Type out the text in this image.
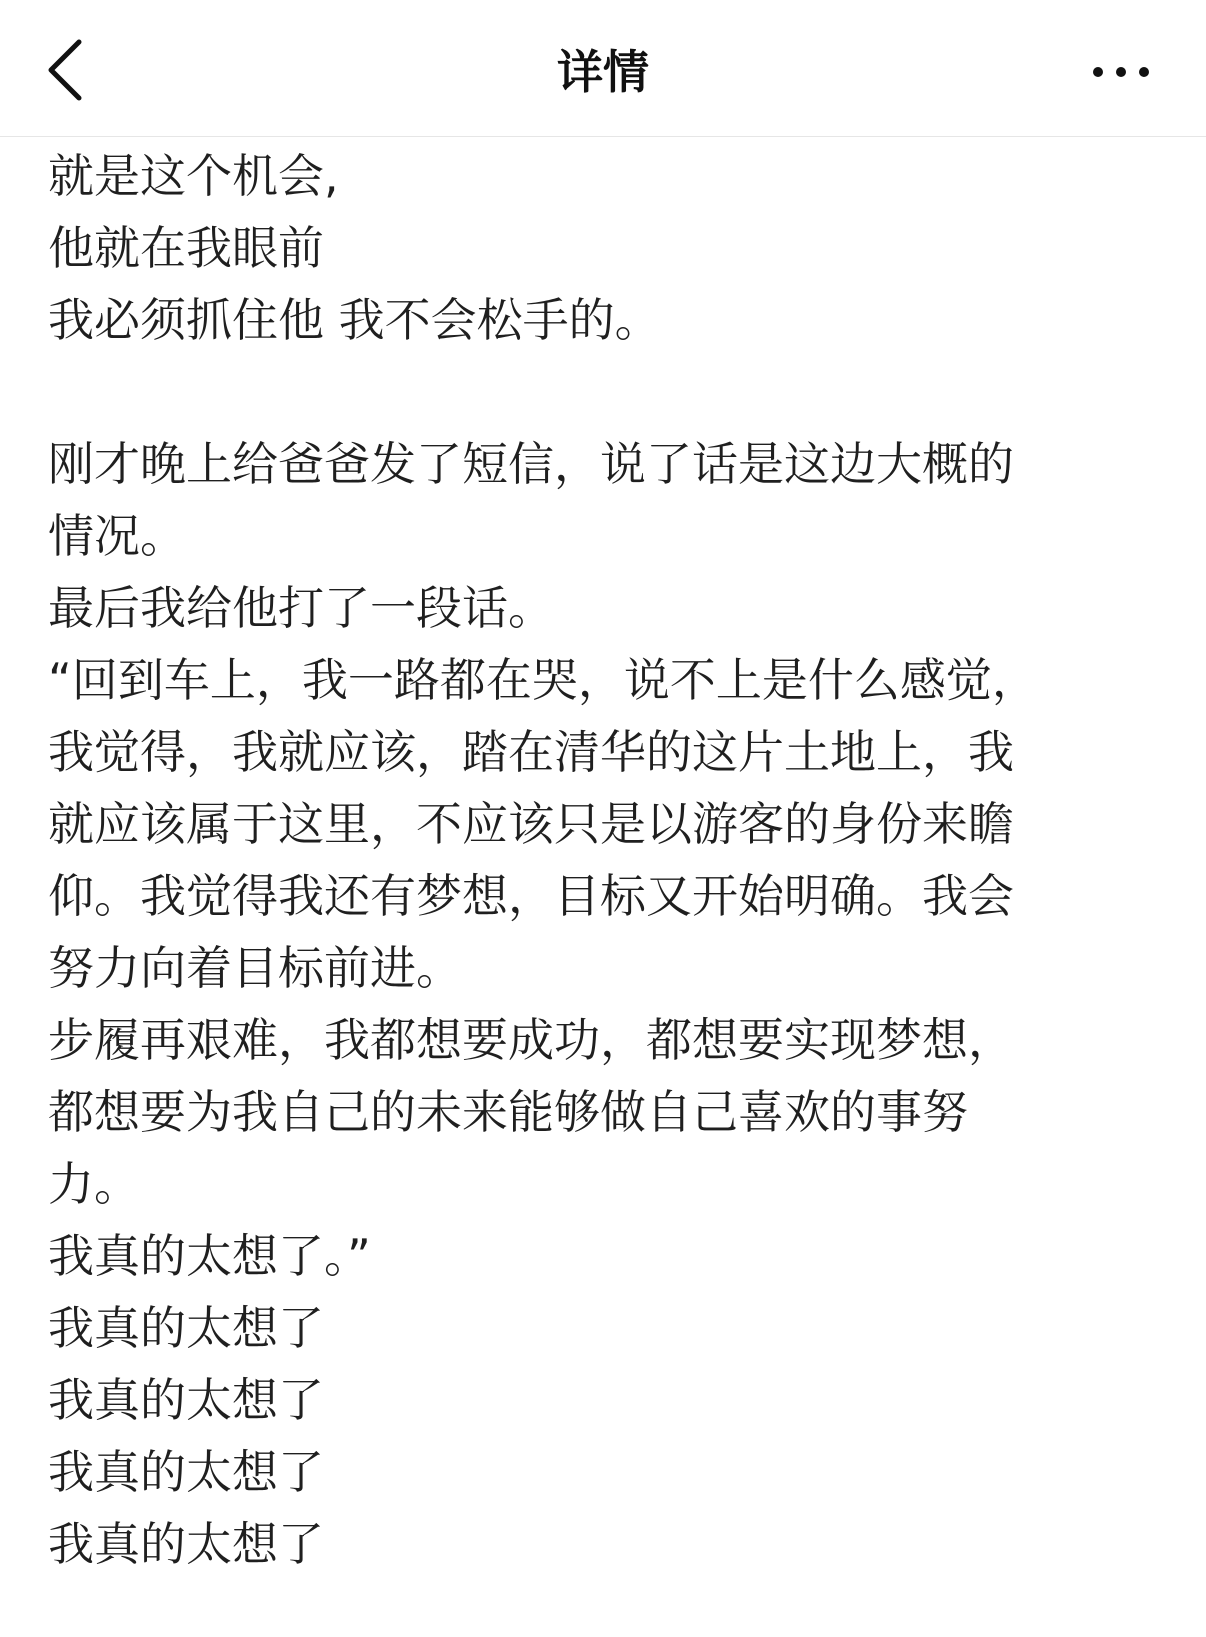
详情
就是这个机会,
他就在我眼前
我必须抓住他 我不会松手的。
刚才晚上给爸爸发了短信，说了话是这边大概的
情况。
最后我给他打了一段话。
“回到车上，我一路都在哭，说不上是什么感觉，
我觉得，我就应该，踏在清华的这片土地上，我
就应该属于这里，不应该只是以游客的身份来瞻
仰。我觉得我还有梦想，目标又开始明确。我会
努力向着目标前进。
步履再艰难，我都想要成功，都想要实现梦想，
都想要为我自己的未来能够做自己喜欢的事努
力。
我真的太想了。”
我真的太想了
我真的太想了
我真的太想了
我真的太想了
